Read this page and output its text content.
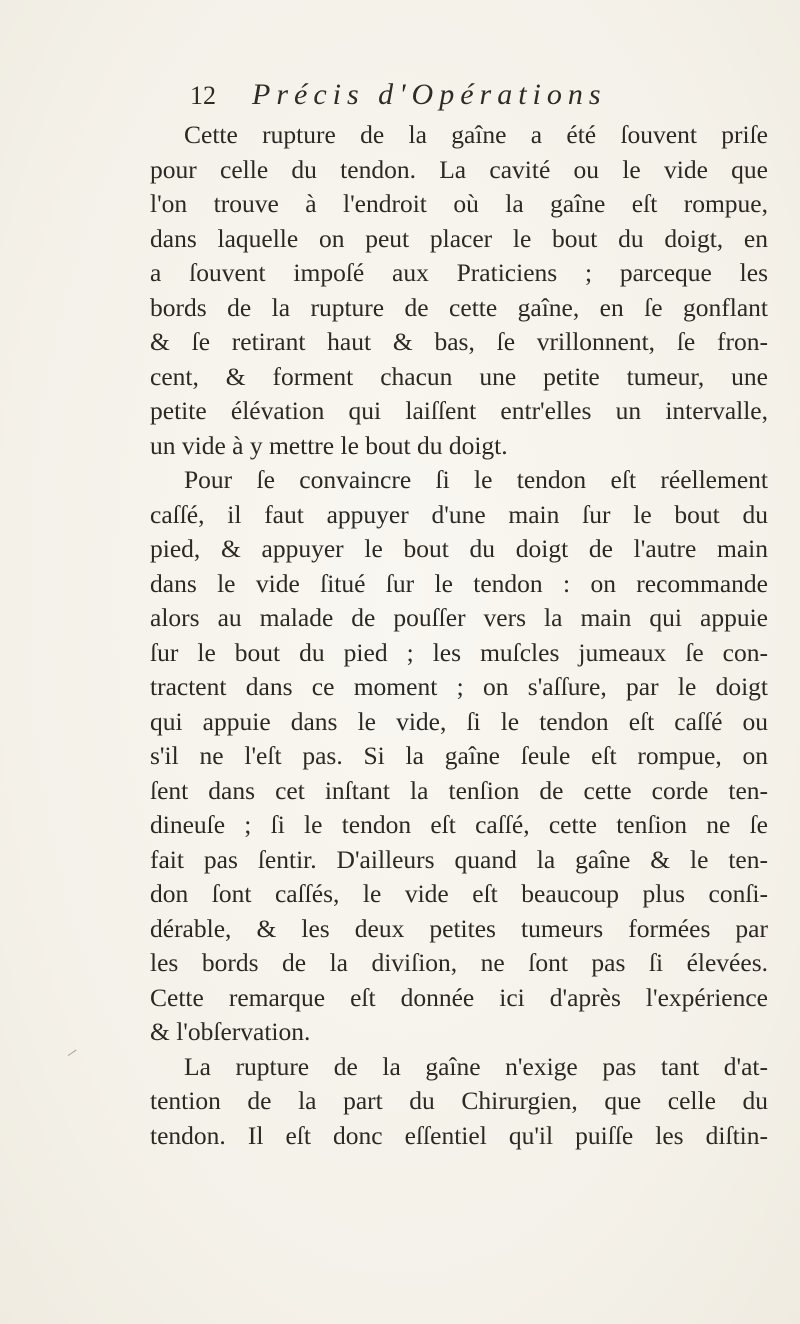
12 Précis d'Opérations
Cette rupture de la gaîne a été ſouvent priſe
pour celle du tendon. La cavité ou le vide que
l'on trouve à l'endroit où la gaîne eſt rompue,
dans laquelle on peut placer le bout du doigt, en
a ſouvent impoſé aux Praticiens ; parceque les
bords de la rupture de cette gaîne, en ſe gonflant
& ſe retirant haut & bas, ſe vrillonnent, ſe fron-
cent, & forment chacun une petite tumeur, une
petite élévation qui laiſſent entr'elles un intervalle,
un vide à y mettre le bout du doigt.
Pour ſe convaincre ſi le tendon eſt réellement
caſſé, il faut appuyer d'une main ſur le bout du
pied, & appuyer le bout du doigt de l'autre main
dans le vide ſitué ſur le tendon : on recommande
alors au malade de pouſſer vers la main qui appuie
ſur le bout du pied ; les muſcles jumeaux ſe con-
tractent dans ce moment ; on s'aſſure, par le doigt
qui appuie dans le vide, ſi le tendon eſt caſſé ou
s'il ne l'eſt pas. Si la gaîne ſeule eſt rompue, on
ſent dans cet inſtant la tenſion de cette corde ten-
dineuſe ; ſi le tendon eſt caſſé, cette tenſion ne ſe
fait pas ſentir. D'ailleurs quand la gaîne & le ten-
don ſont caſſés, le vide eſt beaucoup plus conſi-
dérable, & les deux petites tumeurs formées par
les bords de la diviſion, ne ſont pas ſi élevées.
Cette remarque eſt donnée ici d'après l'expérience
& l'obſervation.
La rupture de la gaîne n'exige pas tant d'at-
tention de la part du Chirurgien, que celle du
tendon. Il eſt donc eſſentiel qu'il puiſſe les diſtin-
